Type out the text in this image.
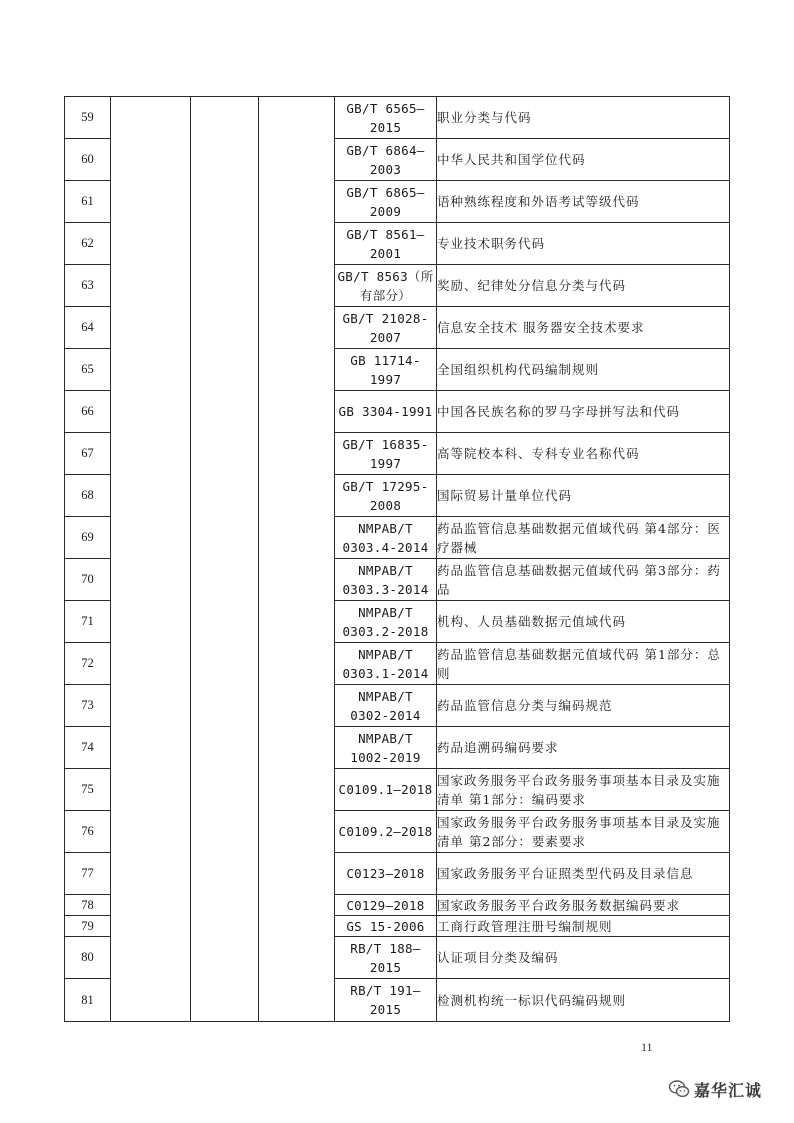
59				GB/T 6565—2015	职业分类与代码
60				GB/T 6864—2003	中华人民共和国学位代码
61				GB/T 6865—2009	语种熟练程度和外语考试等级代码
62				GB/T 8561—2001	专业技术职务代码
63				GB/T 8563（所有部分）	奖励、纪律处分信息分类与代码
64				GB/T 21028-2007	信息安全技术 服务器安全技术要求
65				GB 11714-1997	全国组织机构代码编制规则
66				GB 3304-1991	中国各民族名称的罗马字母拼写法和代码
67				GB/T 16835-1997	高等院校本科、专科专业名称代码
68				GB/T 17295-2008	国际贸易计量单位代码
69				NMPAB/T 0303.4-2014	药品监管信息基础数据元值域代码 第4部分：医疗器械
70				NMPAB/T 0303.3-2014	药品监管信息基础数据元值域代码 第3部分：药品
71				NMPAB/T 0303.2-2018	机构、人员基础数据元值域代码
72				NMPAB/T 0303.1-2014	药品监管信息基础数据元值域代码 第1部分：总则
73				NMPAB/T 0302-2014	药品监管信息分类与编码规范
74				NMPAB/T 1002-2019	药品追溯码编码要求
75				C0109.1—2018	国家政务服务平台政务服务事项基本目录及实施清单 第1部分：编码要求
76				C0109.2—2018	国家政务服务平台政务服务事项基本目录及实施清单 第2部分：要素要求
77				C0123—2018	国家政务服务平台证照类型代码及目录信息
78				C0129—2018	国家政务服务平台政务服务数据编码要求
79				GS 15-2006	工商行政管理注册号编制规则
80				RB/T 188—2015	认证项目分类及编码
81				RB/T 191—2015	检测机构统一标识代码编码规则
11
嘉华汇诚
